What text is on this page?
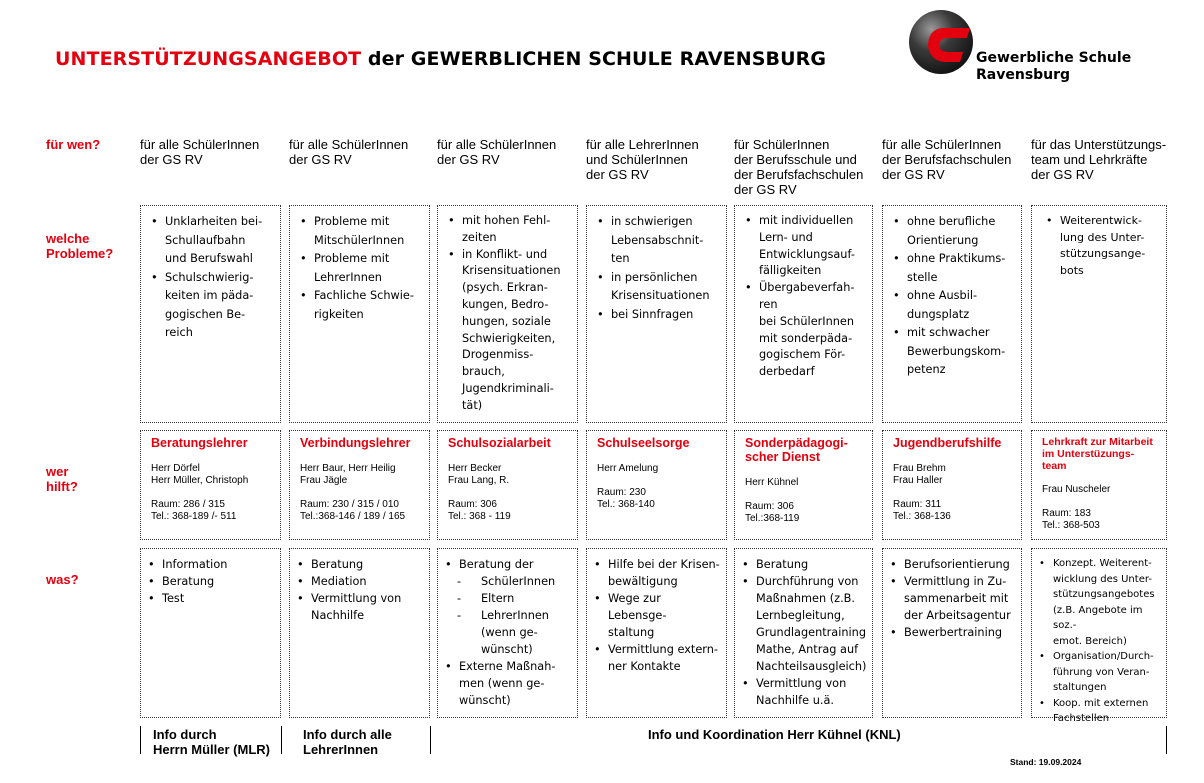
UNTERSTÜTZUNGSANGEBOT der GEWERBLICHEN SCHULE RAVENSBURG	Gewerbliche Schule
Ravensburg
für wen?
welche
Probleme?
wer
hilft?
was?
für alle SchülerInnen
der GS RV
• Unklarheiten bei-
Schullaufbahn
und Berufswahl
• Schulschwierig-
keiten im päda-
gogischen Be-
reich
Beratungslehrer
Herr Dörfel
Herr Müller, Christoph
Raum: 286 / 315
Tel.: 368-189 /- 511
• Information
• Beratung
• Test
für alle SchülerInnen
der GS RV
• Probleme mit
MitschülerInnen
• Probleme mit
LehrerInnen
• Fachliche Schwie-
rigkeiten
Verbindungslehrer
Herr Baur, Herr Heilig
Frau Jägle
Raum: 230 / 315 / 010
Tel.:368-146 / 189 / 165
• Beratung
• Mediation
• Vermittlung von
Nachhilfe
für alle SchülerInnen
der GS RV
• mit hohen Fehl-
zeiten
• in Konflikt- und
Krisensituationen
(psych. Erkran-
kungen, Bedro-
hungen, soziale
Schwierigkeiten,
Drogenmiss-
brauch,
Jugendkriminali-
tät)
Schulsozialarbeit
Herr Becker
Frau Lang, R.
Raum: 306
Tel.: 368 - 119
• Beratung der
- SchülerInnen
- Eltern
- LehrerInnen
(wenn ge-
wünscht)
• Externe Maßnah-
men (wenn ge-
wünscht)
für alle LehrerInnen
und SchülerInnen
der GS RV
• in schwierigen
Lebensabschnit-
ten
• in persönlichen
Krisensituationen
• bei Sinnfragen
Schulseelsorge
Herr Amelung
Raum: 230
Tel.: 368-140
• Hilfe bei der Krisen-
bewältigung
• Wege zur Lebensge-
staltung
• Vermittlung extern-
ner Kontakte
für SchülerInnen
der Berufsschule und
der Berufsfachschulen
der GS RV
• mit individuellen
Lern- und
Entwicklungsauf-
fälligkeiten
• Übergabeverfah-
ren
bei SchülerInnen
mit sonderpäda-
gogischem För-
derbedarf
Sonderpädagogi-
scher Dienst
Herr Kühnel
Raum: 306
Tel.:368-119
• Beratung
• Durchführung von
Maßnahmen (z.B.
Lernbegleitung,
Grundlagentraining
Mathe, Antrag auf
Nachteilsausgleich)
• Vermittlung von
Nachhilfe u.ä.
für alle SchülerInnen
der Berufsfachschulen
der GS RV
• ohne berufliche
Orientierung
• ohne Praktikums-
stelle
• ohne Ausbil-
dungsplatz
• mit schwacher
Bewerbungskom-
petenz
Jugendberufshilfe
Frau Brehm
Frau Haller
Raum: 311
Tel.: 368-136
• Berufsorientierung
• Vermittlung in Zu-
sammenarbeit mit
der Arbeitsagentur
• Bewerbertraining
für das Unterstützungs-
team und Lehrkräfte
der GS RV
• Weiterentwick-
lung des Unter-
stützungsange-
bots
Lehrkraft zur Mitarbeit
im Unterstüzungs-
team
Frau Nuscheler
Raum: 183
Tel.: 368-503
• Konzept. Weiterent-
wicklung des Unter-
stützungsangebotes
(z.B. Angebote im soz.-
emot. Bereich)
• Organisation/Durch-
führung von Veran-
staltungen
• Koop. mit externen
Fachstellen
Info durch
Herrn Müller (MLR)
Info durch alle
LehrerInnen
Info und Koordination Herr Kühnel (KNL)
Stand: 19.09.2024
